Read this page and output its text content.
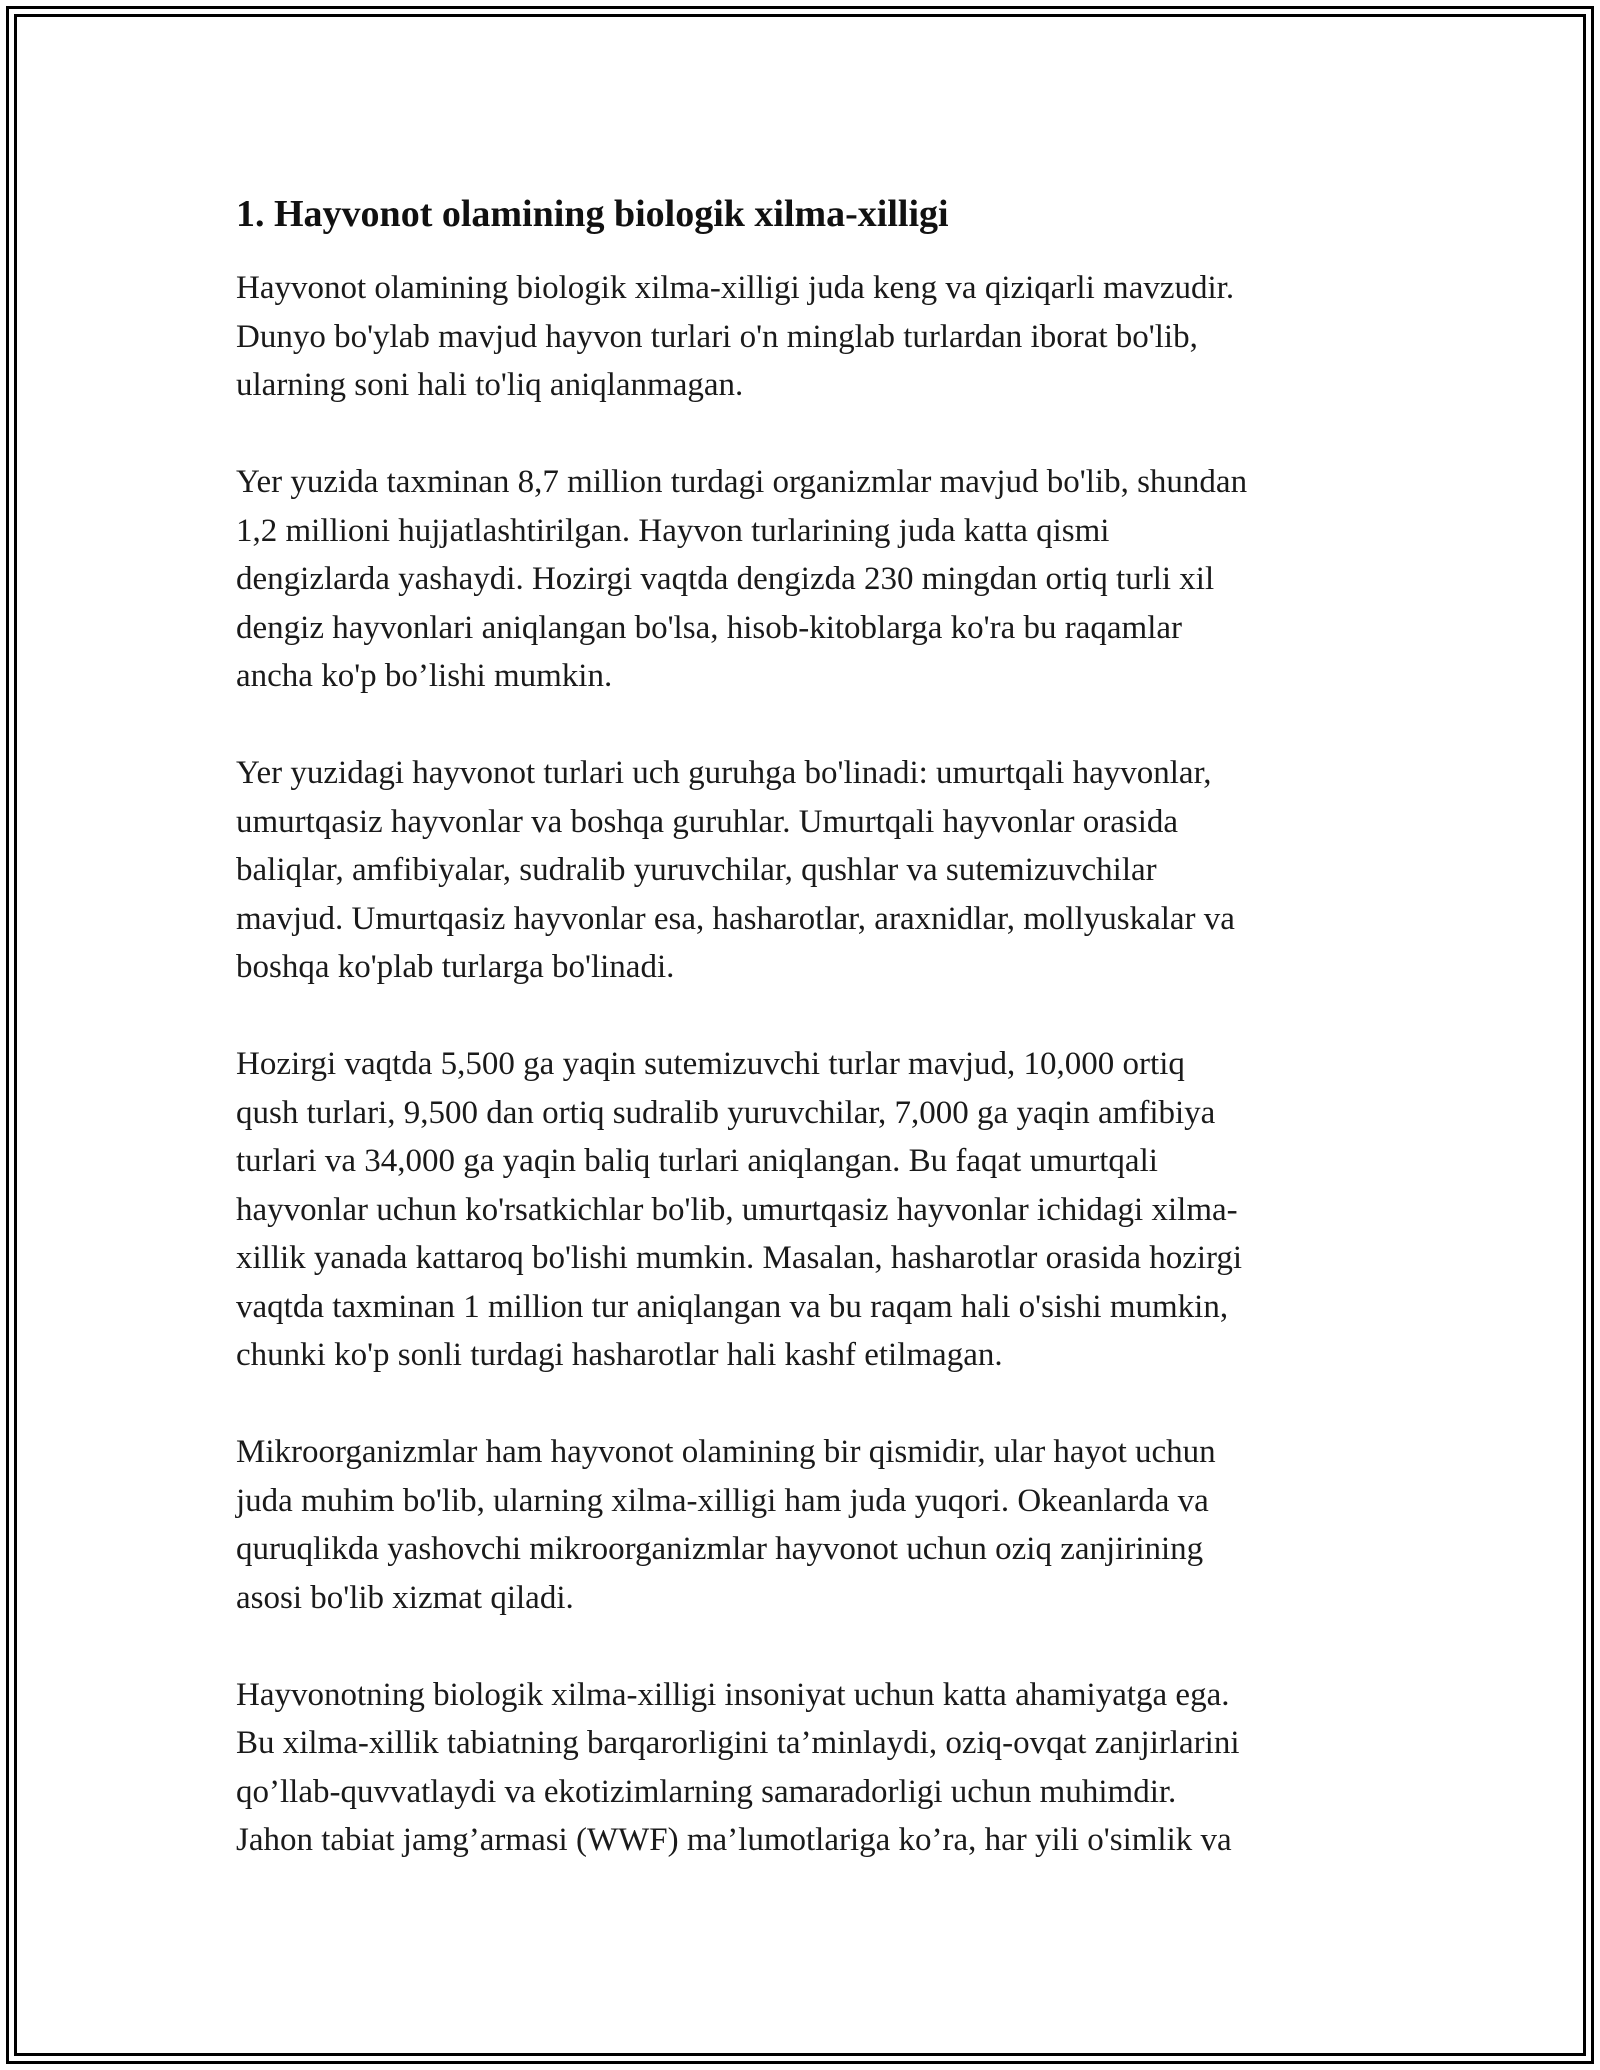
1. Hayvonot olamining biologik xilma-xilligi

Hayvonot olamining biologik xilma-xilligi juda keng va qiziqarli mavzudir.
Dunyo bo'ylab mavjud hayvon turlari o'n minglab turlardan iborat bo'lib,
ularning soni hali to'liq aniqlanmagan.

Yer yuzida taxminan 8,7 million turdagi organizmlar mavjud bo'lib, shundan
1,2 millioni hujjatlashtirilgan. Hayvon turlarining juda katta qismi
dengizlarda yashaydi. Hozirgi vaqtda dengizda 230 mingdan ortiq turli xil
dengiz hayvonlari aniqlangan bo'lsa, hisob-kitoblarga ko'ra bu raqamlar
ancha ko'p bo’lishi mumkin.

Yer yuzidagi hayvonot turlari uch guruhga bo'linadi: umurtqali hayvonlar,
umurtqasiz hayvonlar va boshqa guruhlar. Umurtqali hayvonlar orasida
baliqlar, amfibiyalar, sudralib yuruvchilar, qushlar va sutemizuvchilar
mavjud. Umurtqasiz hayvonlar esa, hasharotlar, araxnidlar, mollyuskalar va
boshqa ko'plab turlarga bo'linadi.

Hozirgi vaqtda 5,500 ga yaqin sutemizuvchi turlar mavjud, 10,000 ortiq
qush turlari, 9,500 dan ortiq sudralib yuruvchilar, 7,000 ga yaqin amfibiya
turlari va 34,000 ga yaqin baliq turlari aniqlangan. Bu faqat umurtqali
hayvonlar uchun ko'rsatkichlar bo'lib, umurtqasiz hayvonlar ichidagi xilma-
xillik yanada kattaroq bo'lishi mumkin. Masalan, hasharotlar orasida hozirgi
vaqtda taxminan 1 million tur aniqlangan va bu raqam hali o'sishi mumkin,
chunki ko'p sonli turdagi hasharotlar hali kashf etilmagan.

Mikroorganizmlar ham hayvonot olamining bir qismidir, ular hayot uchun
juda muhim bo'lib, ularning xilma-xilligi ham juda yuqori. Okeanlarda va
quruqlikda yashovchi mikroorganizmlar hayvonot uchun oziq zanjirining
asosi bo'lib xizmat qiladi.

Hayvonotning biologik xilma-xilligi insoniyat uchun katta ahamiyatga ega.
Bu xilma-xillik tabiatning barqarorligini ta’minlaydi, oziq-ovqat zanjirlarini
qo’llab-quvvatlaydi va ekotizimlarning samaradorligi uchun muhimdir.
Jahon tabiat jamg’armasi (WWF) ma’lumotlariga ko’ra, har yili o'simlik va
